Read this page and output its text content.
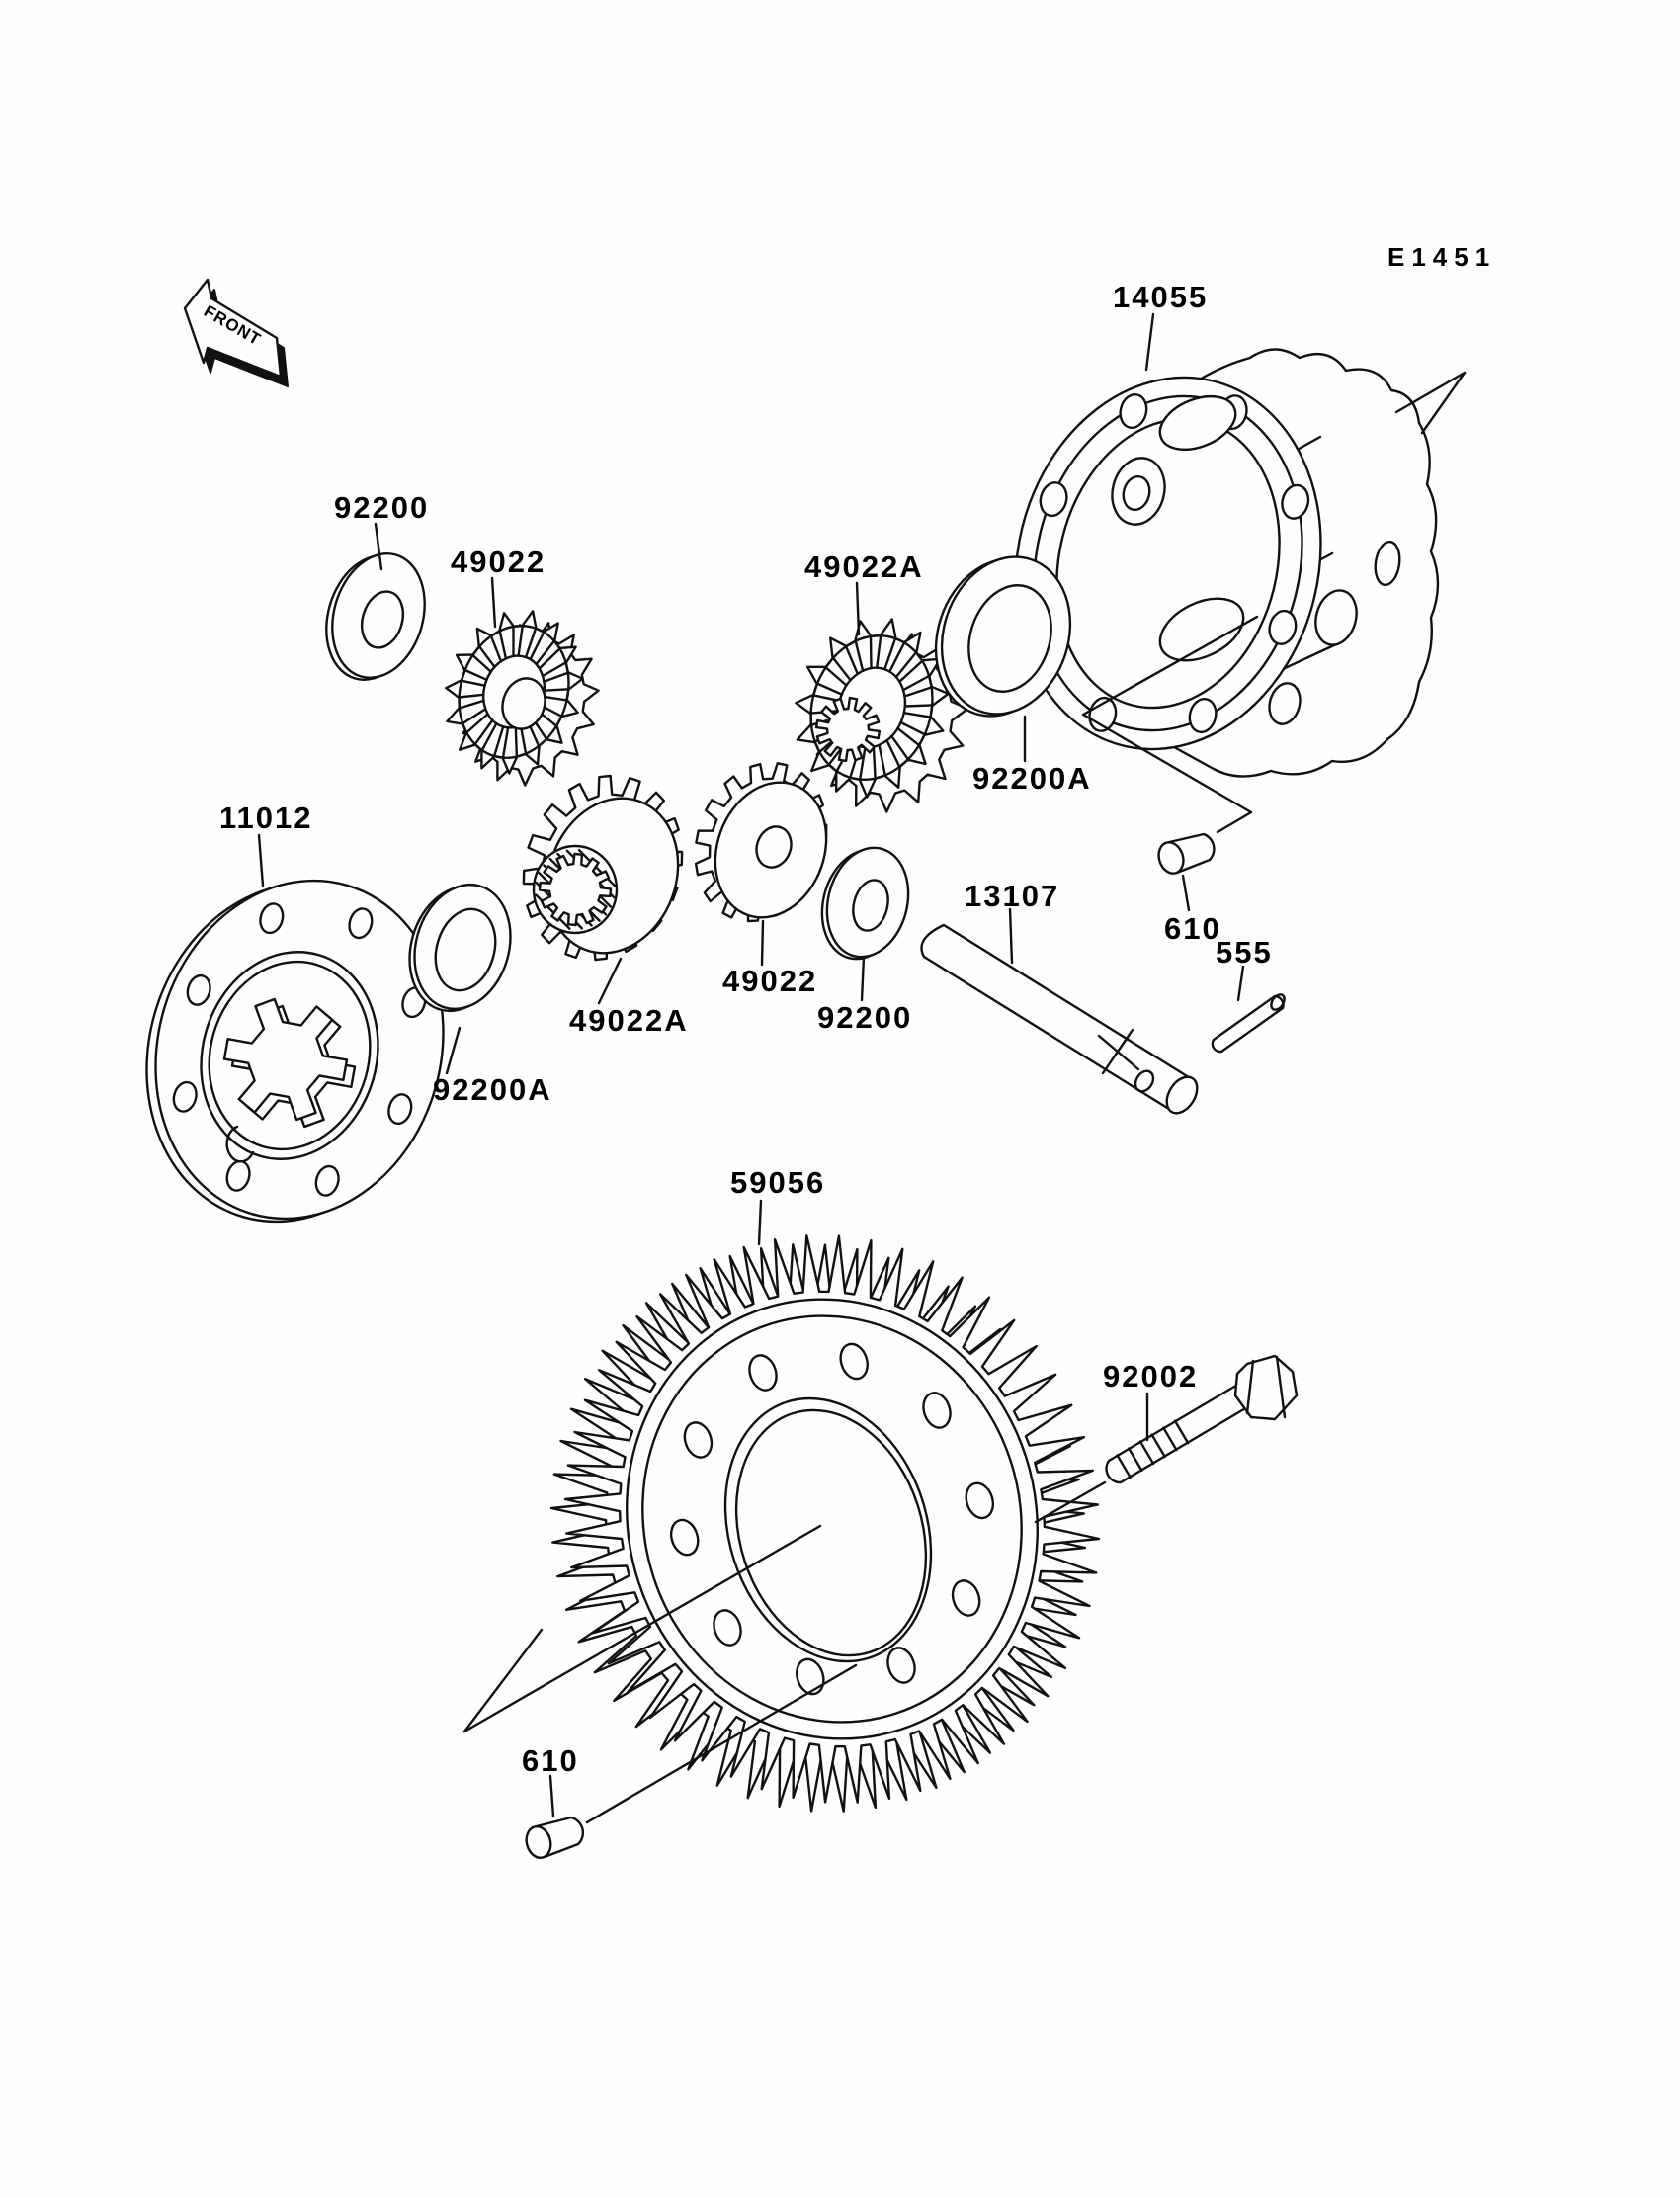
E1451
FRONT
14055
92200
49022	49022A
92200A
11012
92200A
49022A
49022
92200
13107
610
555
59056
92002
610
